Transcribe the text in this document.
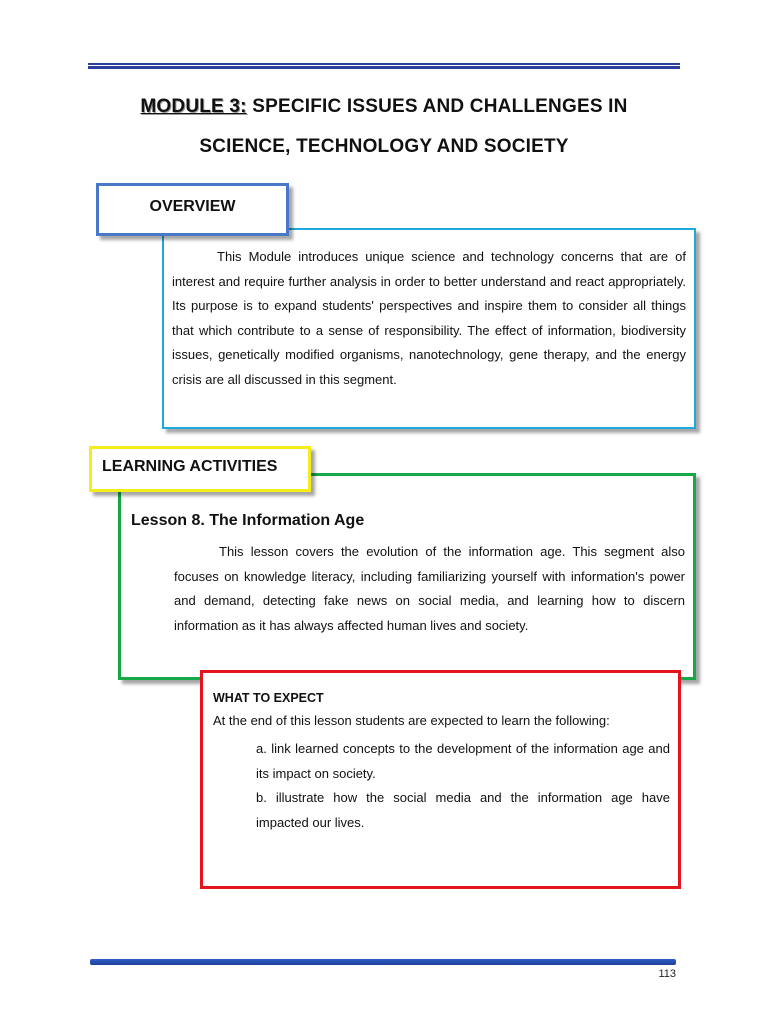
MODULE 3: SPECIFIC ISSUES AND CHALLENGES IN
SCIENCE, TECHNOLOGY AND SOCIETY
OVERVIEW

This Module introduces unique science and technology concerns that are of interest and require further analysis in order to better understand and react appropriately. Its purpose is to expand students' perspectives and inspire them to consider all things that which contribute to a sense of responsibility. The effect of information, biodiversity issues, genetically modified organisms, nanotechnology, gene therapy, and the energy crisis are all discussed in this segment.

LEARNING ACTIVITIES
Lesson 8. The Information Age

This lesson covers the evolution of the information age. This segment also focuses on knowledge literacy, including familiarizing yourself with information's power and demand, detecting fake news on social media, and learning how to discern information as it has always affected human lives and society.

WHAT TO EXPECT
At the end of this lesson students are expected to learn the following:

a. link learned concepts to the development of the information age and its impact on society.

b. illustrate how the social media and the information age have impacted our lives.

113
